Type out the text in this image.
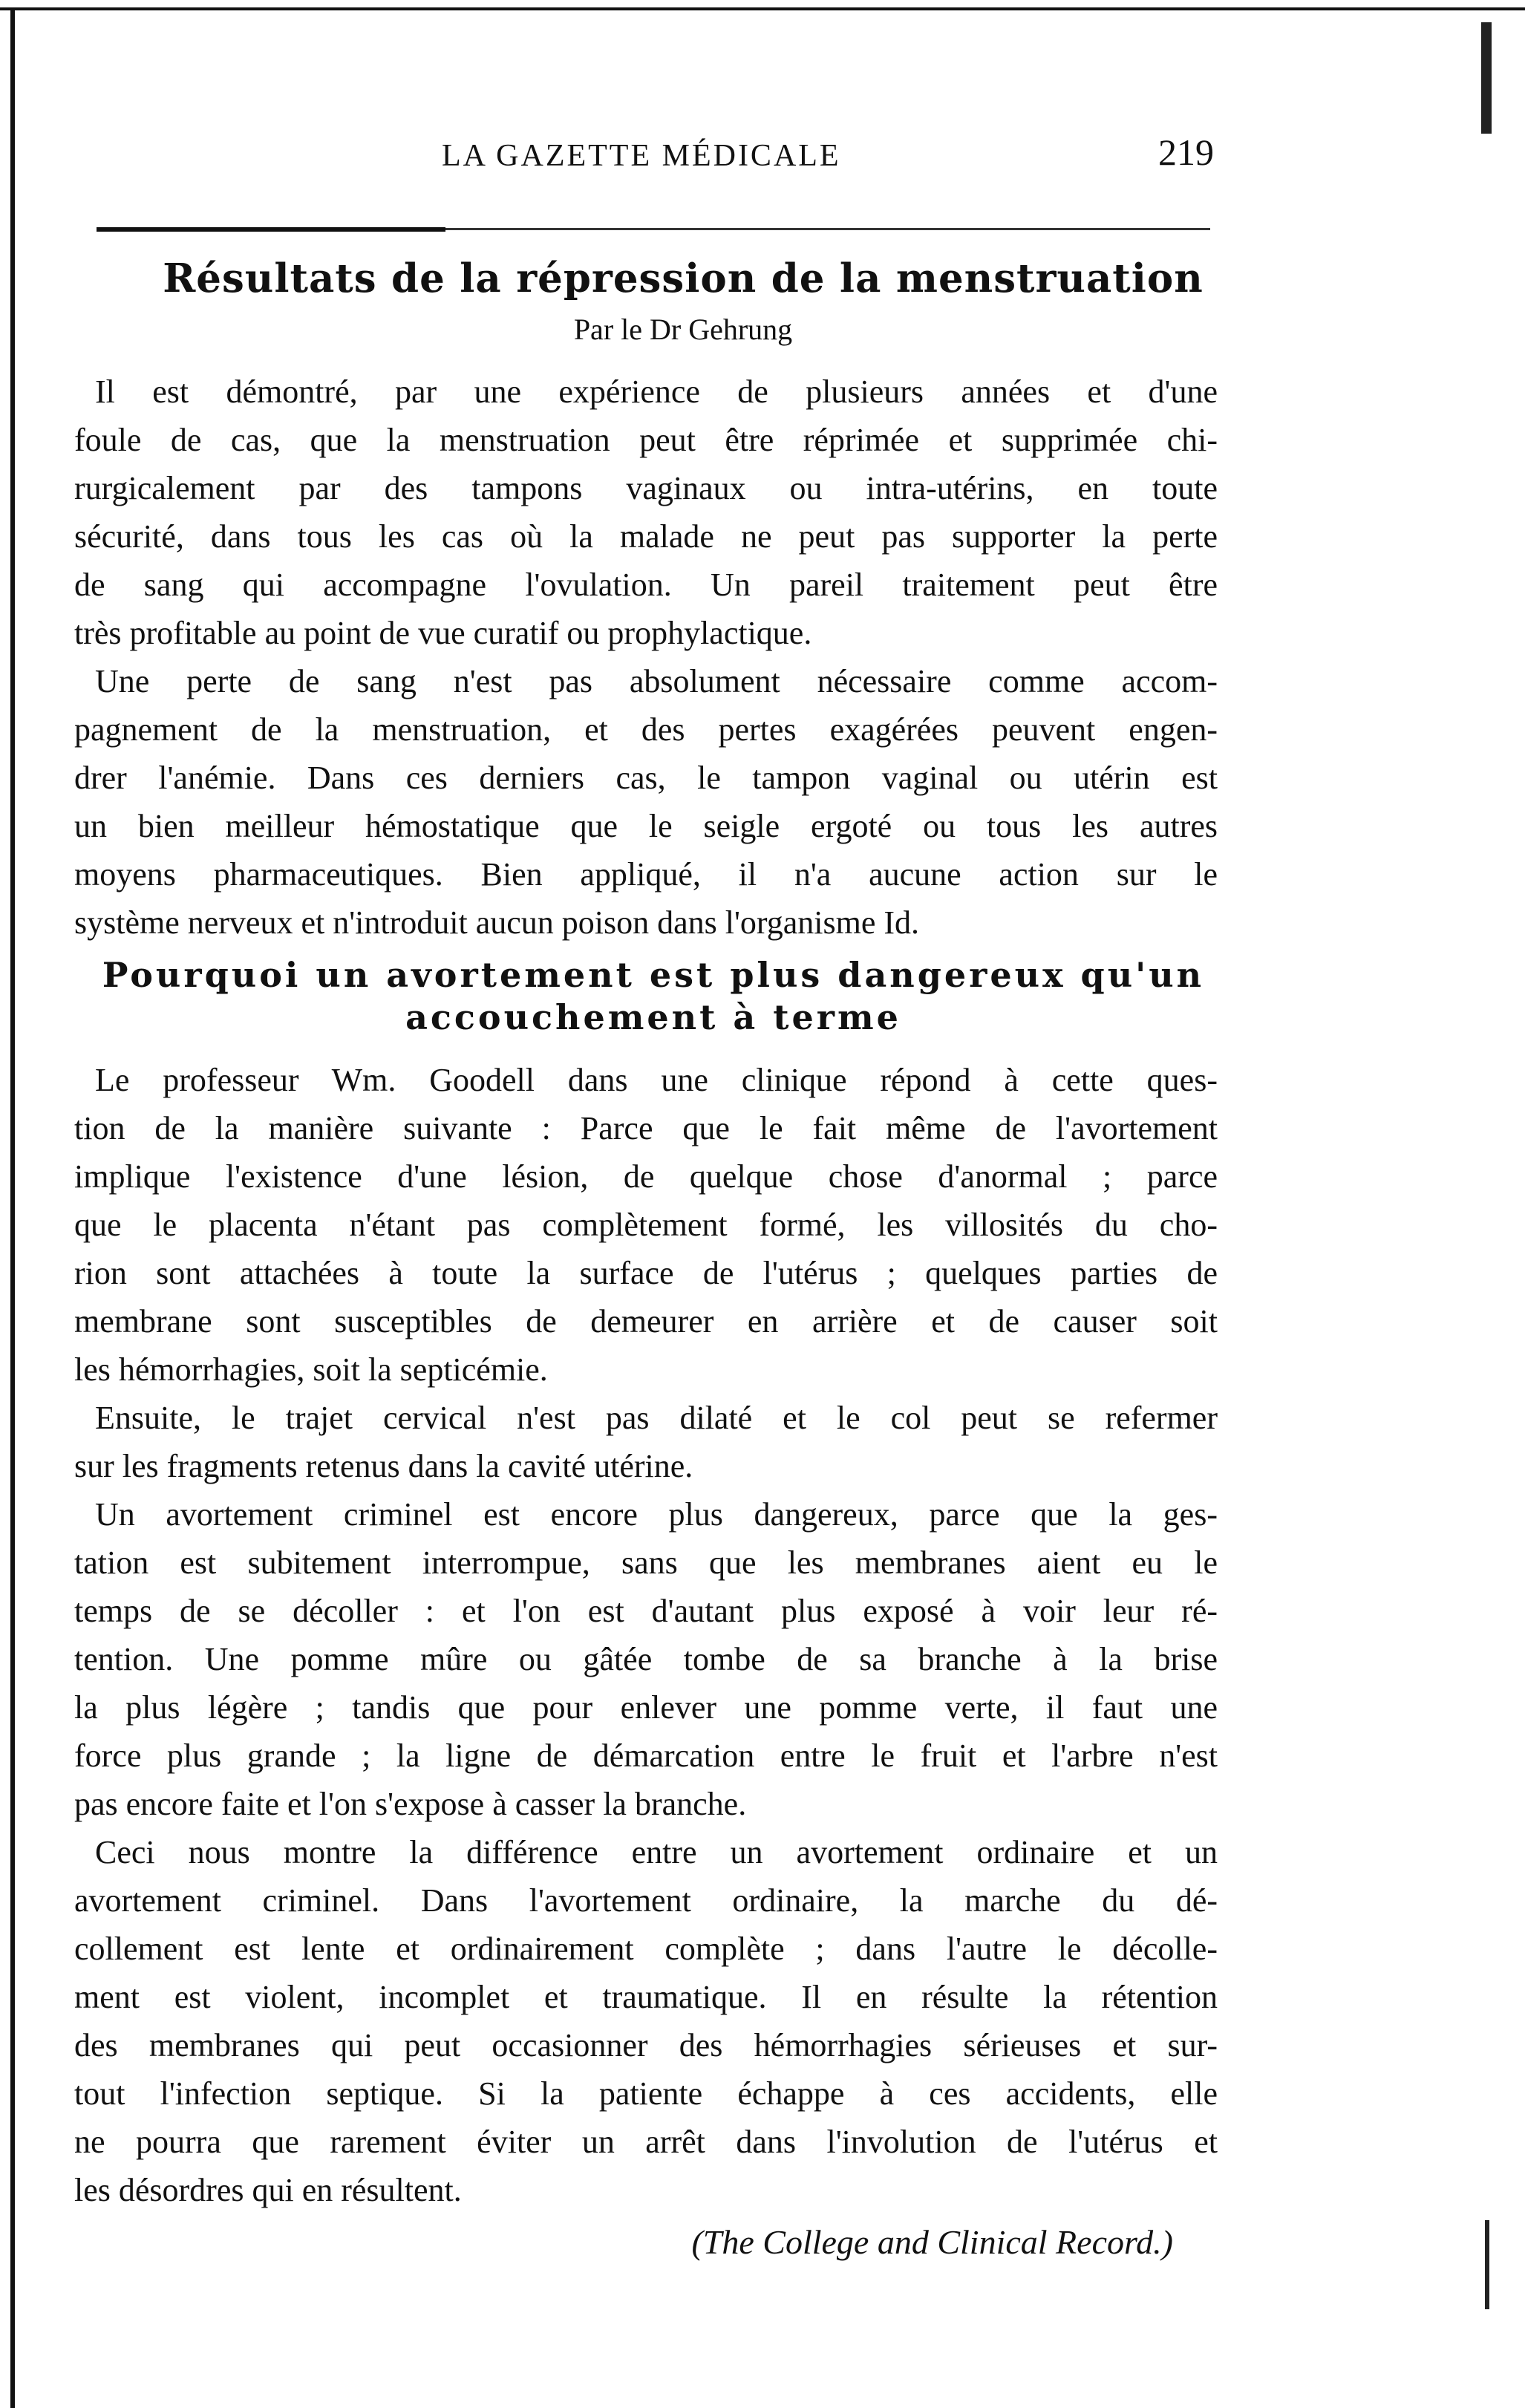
LA GAZETTE MÉDICALE	219
Résultats de la répression de la menstruation
Par le Dr Gehrung
Il est démontré, par une expérience de plusieurs années et d'une
foule de cas, que la menstruation peut être réprimée et supprimée chi-
rurgicalement par des tampons vaginaux ou intra-utérins, en toute
sécurité, dans tous les cas où la malade ne peut pas supporter la perte
de sang qui accompagne l'ovulation. Un pareil traitement peut être
très profitable au point de vue curatif ou prophylactique.
Une perte de sang n'est pas absolument nécessaire comme accom-
pagnement de la menstruation, et des pertes exagérées peuvent engen-
drer l'anémie. Dans ces derniers cas, le tampon vaginal ou utérin est
un bien meilleur hémostatique que le seigle ergoté ou tous les autres
moyens pharmaceutiques. Bien appliqué, il n'a aucune action sur le
système nerveux et n'introduit aucun poison dans l'organisme Id.
Pourquoi un avortement est plus dangereux qu'un
accouchement à terme
Le professeur Wm. Goodell dans une clinique répond à cette ques-
tion de la manière suivante : Parce que le fait même de l'avortement
implique l'existence d'une lésion, de quelque chose d'anormal ; parce
que le placenta n'étant pas complètement formé, les villosités du cho-
rion sont attachées à toute la surface de l'utérus ; quelques parties de
membrane sont susceptibles de demeurer en arrière et de causer soit
les hémorrhagies, soit la septicémie.
Ensuite, le trajet cervical n'est pas dilaté et le col peut se refermer
sur les fragments retenus dans la cavité utérine.
Un avortement criminel est encore plus dangereux, parce que la ges-
tation est subitement interrompue, sans que les membranes aient eu le
temps de se décoller : et l'on est d'autant plus exposé à voir leur ré-
tention. Une pomme mûre ou gâtée tombe de sa branche à la brise
la plus légère ; tandis que pour enlever une pomme verte, il faut une
force plus grande ; la ligne de démarcation entre le fruit et l'arbre n'est
pas encore faite et l'on s'expose à casser la branche.
Ceci nous montre la différence entre un avortement ordinaire et un
avortement criminel. Dans l'avortement ordinaire, la marche du dé-
collement est lente et ordinairement complète ; dans l'autre le décolle-
ment est violent, incomplet et traumatique. Il en résulte la rétention
des membranes qui peut occasionner des hémorrhagies sérieuses et sur-
tout l'infection septique. Si la patiente échappe à ces accidents, elle
ne pourra que rarement éviter un arrêt dans l'involution de l'utérus et
les désordres qui en résultent.
(The College and Clinical Record.)
